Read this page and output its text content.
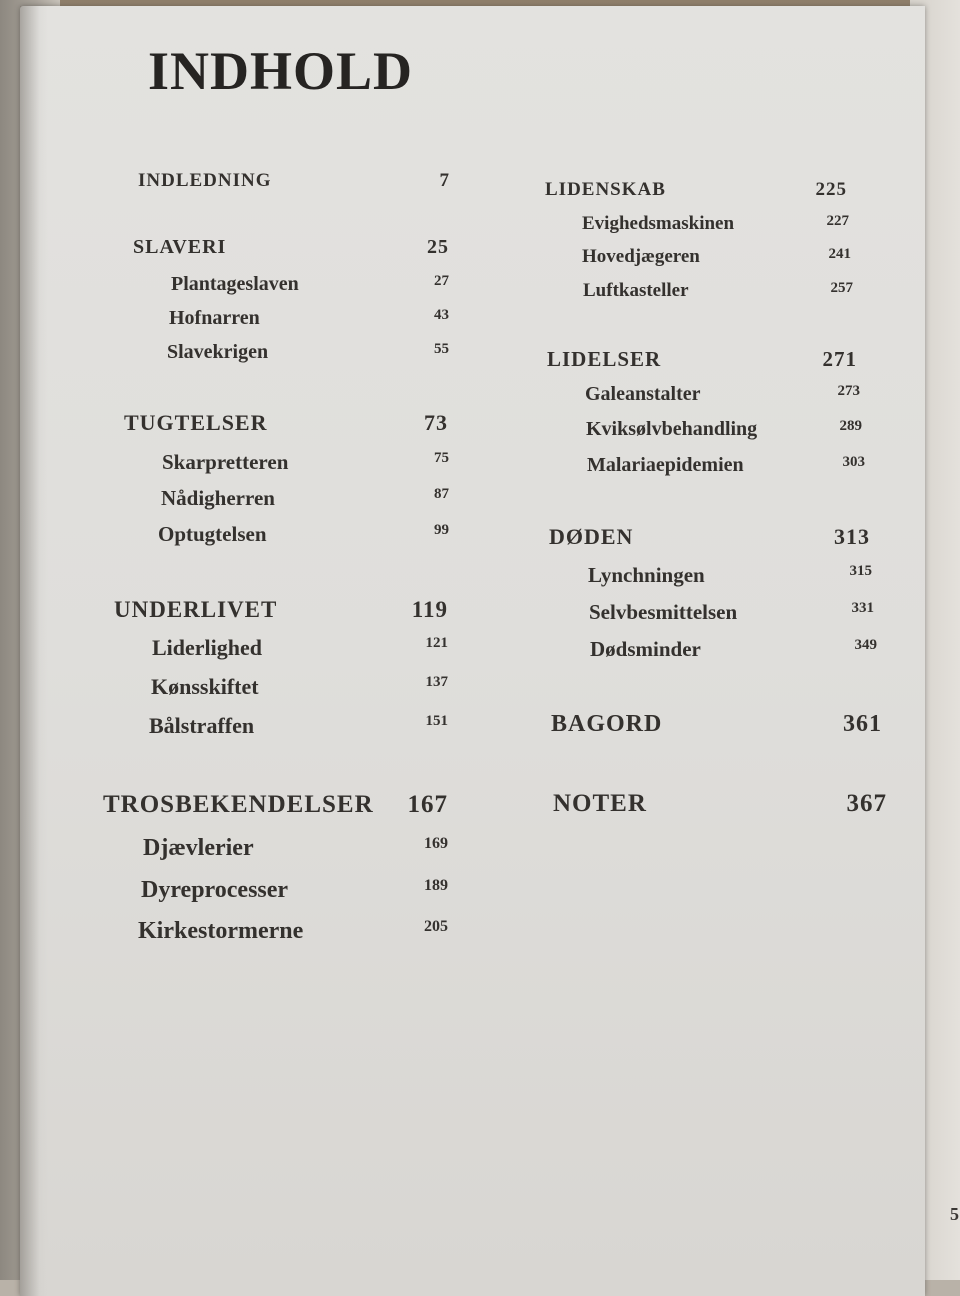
INDHOLD
INDLEDNING	7
SLAVERI	25
Plantageslaven	27
Hofnarren	43
Slavekrigen	55
TUGTELSER	73
Skarpretteren	75
Nådigherren	87
Optugtelsen	99
UNDERLIVET	119
Liderlighed	121
Kønsskiftet	137
Bålstraffen	151
TROSBEKENDELSER 167
Djævlerier	169
Dyreprocesser	189
Kirkestormerne	205
LIDENSKAB	225
Evighedsmaskinen	227
Hovedjægeren	241
Luftkasteller	257
LIDELSER	271
Galeanstalter	273
Kviksølvbehandling	289
Malariaepidemien	303
DØDEN	313
Lynchningen	315
Selvbesmittelsen	331
Dødsminder	349
BAGORD	361
NOTER	367
5
